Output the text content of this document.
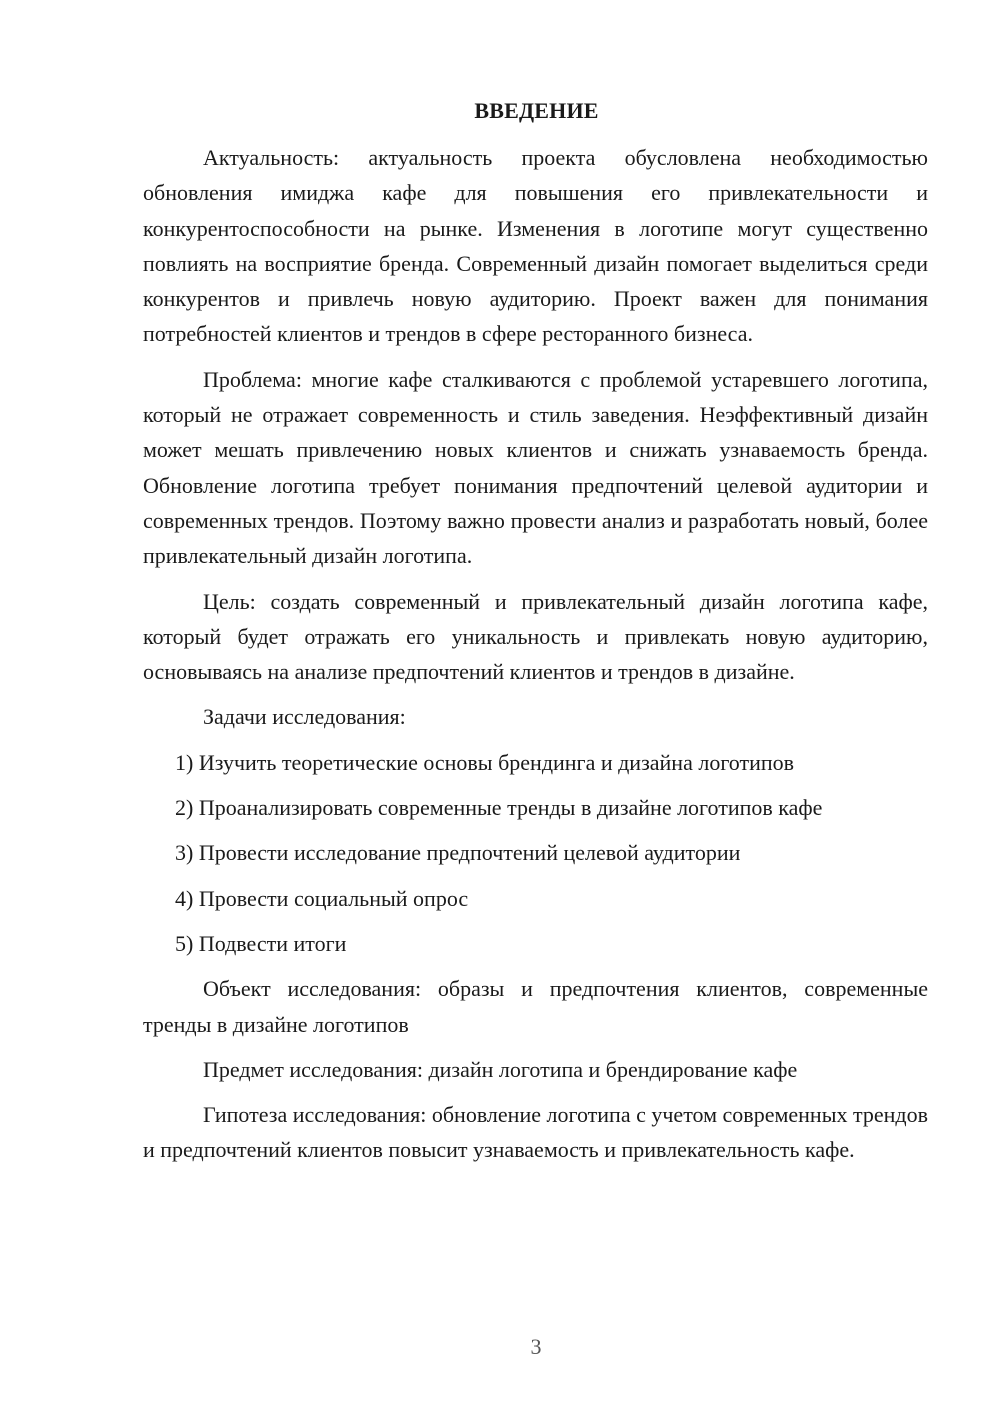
ВВЕДЕНИЕ

Актуальность: актуальность проекта обусловлена необходимостью обновления имиджа кафе для повышения его привлекательности и конкурентоспособности на рынке. Изменения в логотипе могут существенно повлиять на восприятие бренда. Современный дизайн помогает выделиться среди конкурентов и привлечь новую аудиторию. Проект важен для понимания потребностей клиентов и трендов в сфере ресторанного бизнеса.

Проблема: многие кафе сталкиваются с проблемой устаревшего логотипа, который не отражает современность и стиль заведения. Неэффективный дизайн может мешать привлечению новых клиентов и снижать узнаваемость бренда. Обновление логотипа требует понимания предпочтений целевой аудитории и современных трендов. Поэтому важно провести анализ и разработать новый, более привлекательный дизайн логотипа.

Цель: создать современный и привлекательный дизайн логотипа кафе, который будет отражать его уникальность и привлекать новую аудиторию, основываясь на анализе предпочтений клиентов и трендов в дизайне.

Задачи исследования:

1) Изучить теоретические основы брендинга и дизайна логотипов
2) Проанализировать современные тренды в дизайне логотипов кафе
3) Провести исследование предпочтений целевой аудитории
4) Провести социальный опрос
5) Подвести итоги

Объект исследования: образы и предпочтения клиентов, современные тренды в дизайне логотипов

Предмет исследования: дизайн логотипа и брендирование кафе

Гипотеза исследования: обновление логотипа с учетом современных трендов и предпочтений клиентов повысит узнаваемость и привлекательность кафе.

3
